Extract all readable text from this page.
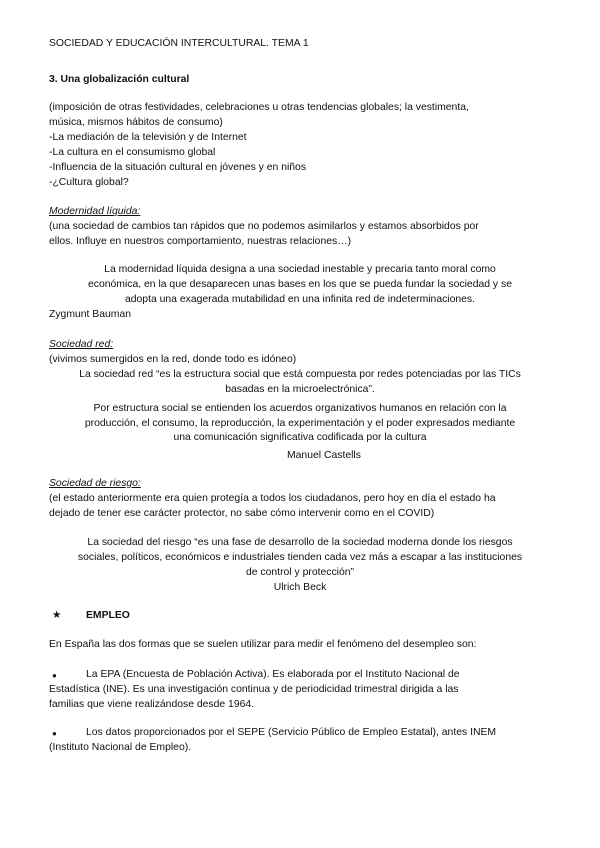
SOCIEDAD Y EDUCACIÓN INTERCULTURAL. TEMA 1
3. Una globalización cultural
(imposición de otras festividades, celebraciones u otras tendencias globales; la vestimenta,
música, mismos hábitos de consumo)
-La mediación de la televisión y de Internet
-La cultura en el consumismo global
-Influencia de la situación cultural en jóvenes y en niños
-¿Cultura global?
Modernidad líquida:
(una sociedad de cambios tan rápidos que no podemos asimilarlos y estamos absorbidos por
ellos. Influye en nuestros comportamiento, nuestras relaciones…)
La modernidad líquida designa a una sociedad inestable y precaria tanto moral como
económica, en la que desaparecen unas bases en los que se pueda fundar la sociedad y se
adopta una exagerada mutabilidad en una infinita red de indeterminaciones.
Zygmunt Bauman
Sociedad red:
(vivimos sumergidos en la red, donde todo es idóneo)
La sociedad red “es la estructura social que está compuesta por redes potenciadas por las TICs
basadas en la microelectrónica”.
Por estructura social se entienden los acuerdos organizativos humanos en relación con la
producción, el consumo, la reproducción, la experimentación y el poder expresados mediante
una comunicación significativa codificada por la cultura
Manuel Castells
Sociedad de riesgo:
(el estado anteriormente era quien protegía a todos los ciudadanos, pero hoy en día el estado ha
dejado de tener ese carácter protector, no sabe cómo intervenir como en el COVID)
La sociedad del riesgo “es una fase de desarrollo de la sociedad moderna donde los riesgos
sociales, políticos, económicos e industriales tienden cada vez más a escapar a las instituciones
de control y protección”
Ulrich Beck
★ EMPLEO
En España las dos formas que se suelen utilizar para medir el fenómeno del desempleo son:
●	La EPA (Encuesta de Población Activa). Es elaborada por el Instituto Nacional de
Estadística (INE). Es una investigación continua y de periodicidad trimestral dirigida a las
familias que viene realizándose desde 1964.
●	Los datos proporcionados por el SEPE (Servicio Público de Empleo Estatal), antes INEM
(Instituto Nacional de Empleo).
